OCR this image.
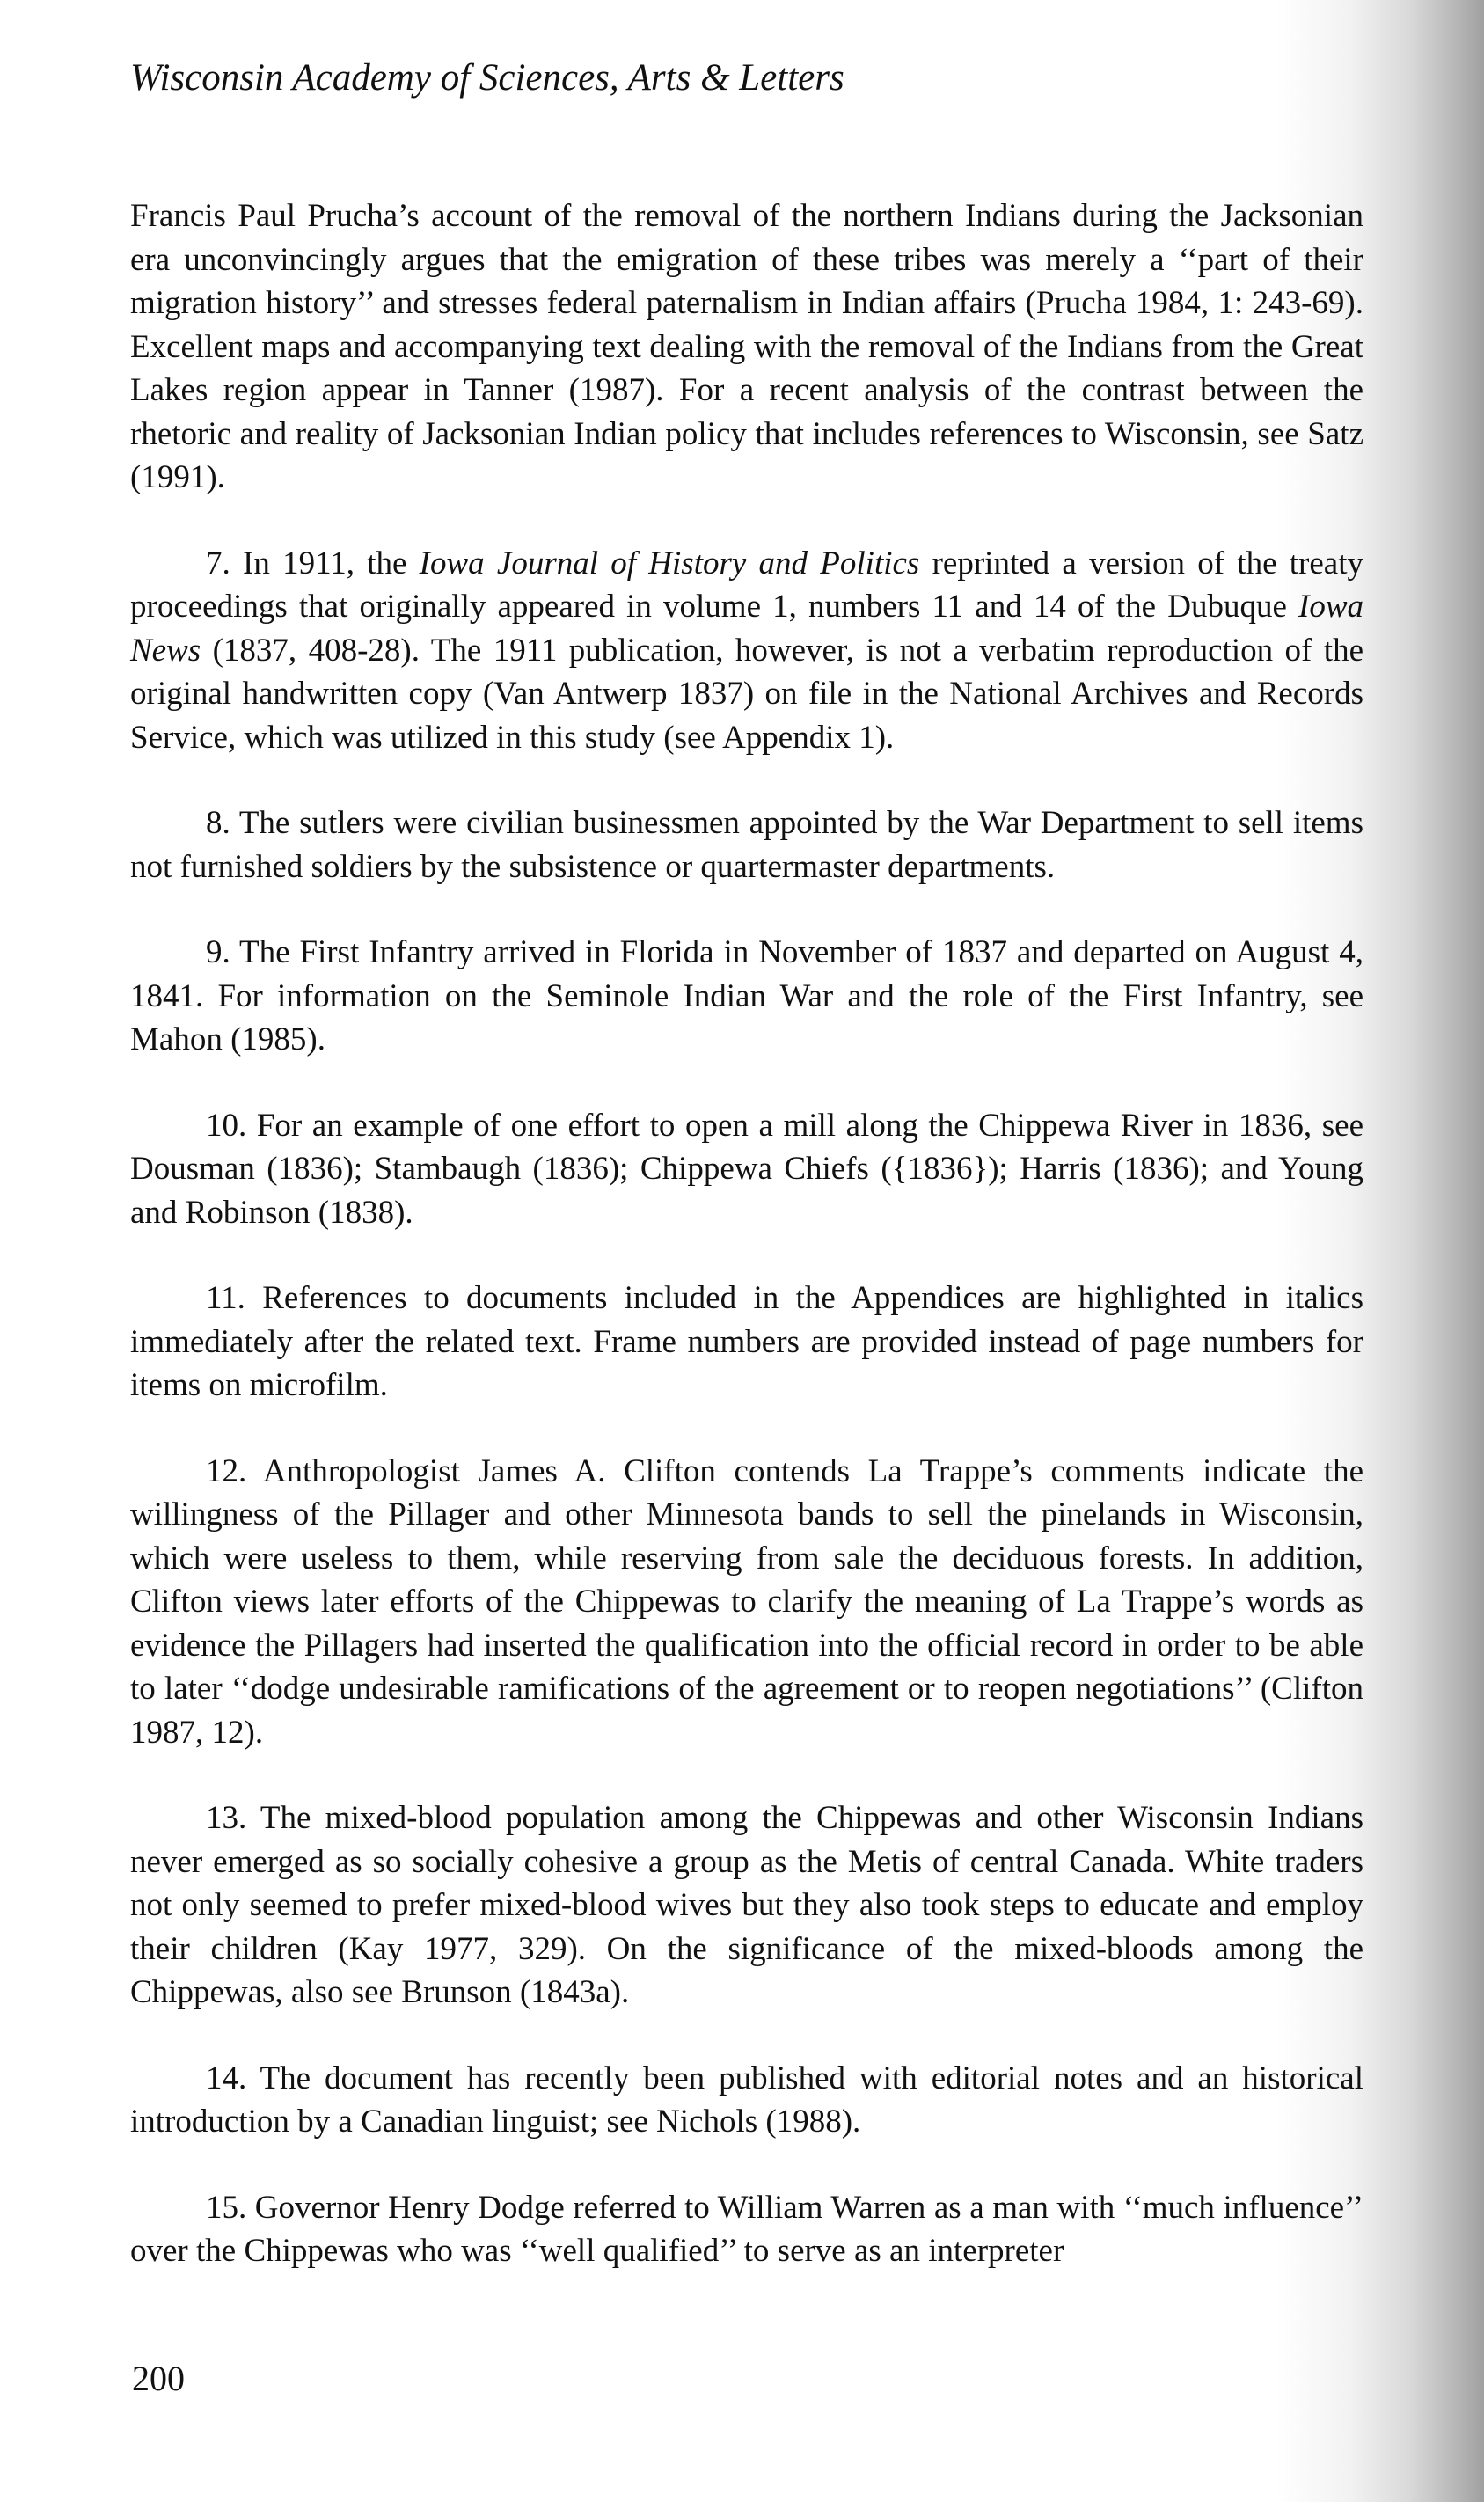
Wisconsin Academy of Sciences, Arts & Letters

Francis Paul Prucha’s account of the removal of the northern Indians during the Jacksonian era unconvincingly argues that the emigration of these tribes was merely a ‘‘part of their migration history’’ and stresses federal paternalism in Indian affairs (Prucha 1984, 1: 243-69). Excellent maps and accompanying text dealing with the removal of the Indians from the Great Lakes region appear in Tanner (1987). For a recent analysis of the contrast between the rhetoric and reality of Jacksonian Indian policy that includes references to Wisconsin, see Satz (1991).

7. In 1911, the Iowa Journal of History and Politics reprinted a version of the treaty proceedings that originally appeared in volume 1, numbers 11 and 14 of the Dubuque Iowa News (1837, 408-28). The 1911 publication, however, is not a verbatim reproduction of the original handwritten copy (Van Antwerp 1837) on file in the National Archives and Records Service, which was utilized in this study (see Appendix 1).

8. The sutlers were civilian businessmen appointed by the War Department to sell items not furnished soldiers by the subsistence or quartermaster departments.

9. The First Infantry arrived in Florida in November of 1837 and departed on August 4, 1841. For information on the Seminole Indian War and the role of the First Infantry, see Mahon (1985).

10. For an example of one effort to open a mill along the Chippewa River in 1836, see Dousman (1836); Stambaugh (1836); Chippewa Chiefs ({1836}); Harris (1836); and Young and Robinson (1838).

11. References to documents included in the Appendices are highlighted in italics immediately after the related text. Frame numbers are provided instead of page numbers for items on microfilm.

12. Anthropologist James A. Clifton contends La Trappe’s comments indicate the willingness of the Pillager and other Minnesota bands to sell the pinelands in Wisconsin, which were useless to them, while reserving from sale the deciduous forests. In addition, Clifton views later efforts of the Chippewas to clarify the meaning of La Trappe’s words as evidence the Pillagers had inserted the qualification into the official record in order to be able to later ‘‘dodge undesirable ramifications of the agreement or to reopen negotiations’’ (Clifton 1987, 12).

13. The mixed-blood population among the Chippewas and other Wisconsin Indians never emerged as so socially cohesive a group as the Metis of central Canada. White traders not only seemed to prefer mixed-blood wives but they also took steps to educate and employ their children (Kay 1977, 329). On the significance of the mixed-bloods among the Chippewas, also see Brunson (1843a).

14. The document has recently been published with editorial notes and an historical introduction by a Canadian linguist; see Nichols (1988).

15. Governor Henry Dodge referred to William Warren as a man with ‘‘much influence’’ over the Chippewas who was ‘‘well qualified’’ to serve as an interpreter

200
